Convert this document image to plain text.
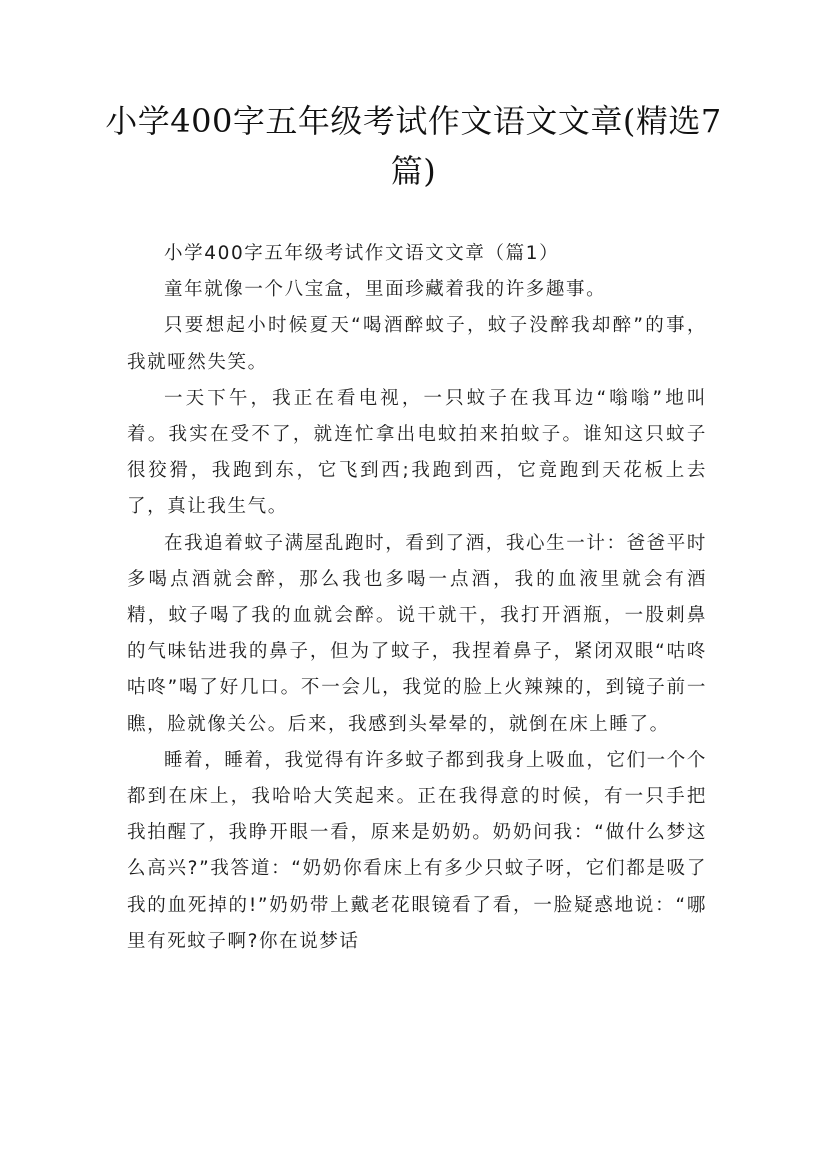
小学400字五年级考试作文语文文章(精选7篇)

小学400字五年级考试作文语文文章（篇1）

童年就像一个八宝盒，里面珍藏着我的许多趣事。

只要想起小时候夏天“喝酒醉蚊子，蚊子没醉我却醉”的事，我就哑然失笑。

一天下午，我正在看电视，一只蚊子在我耳边“嗡嗡”地叫着。我实在受不了，就连忙拿出电蚊拍来拍蚊子。谁知这只蚊子很狡猾，我跑到东，它飞到西;我跑到西，它竟跑到天花板上去了，真让我生气。

在我追着蚊子满屋乱跑时，看到了酒，我心生一计：爸爸平时多喝点酒就会醉，那么我也多喝一点酒，我的血液里就会有酒精，蚊子喝了我的血就会醉。说干就干，我打开酒瓶，一股刺鼻的气味钻进我的鼻子，但为了蚊子，我捏着鼻子，紧闭双眼“咕咚咕咚”喝了好几口。不一会儿，我觉的脸上火辣辣的，到镜子前一瞧，脸就像关公。后来，我感到头晕晕的，就倒在床上睡了。

睡着，睡着，我觉得有许多蚊子都到我身上吸血，它们一个个都到在床上，我哈哈大笑起来。正在我得意的时候，有一只手把我拍醒了，我睁开眼一看，原来是奶奶。奶奶问我：“做什么梦这么高兴?”我答道：“奶奶你看床上有多少只蚊子呀，它们都是吸了我的血死掉的!”奶奶带上戴老花眼镜看了看，一脸疑惑地说：“哪里有死蚊子啊?你在说梦话
